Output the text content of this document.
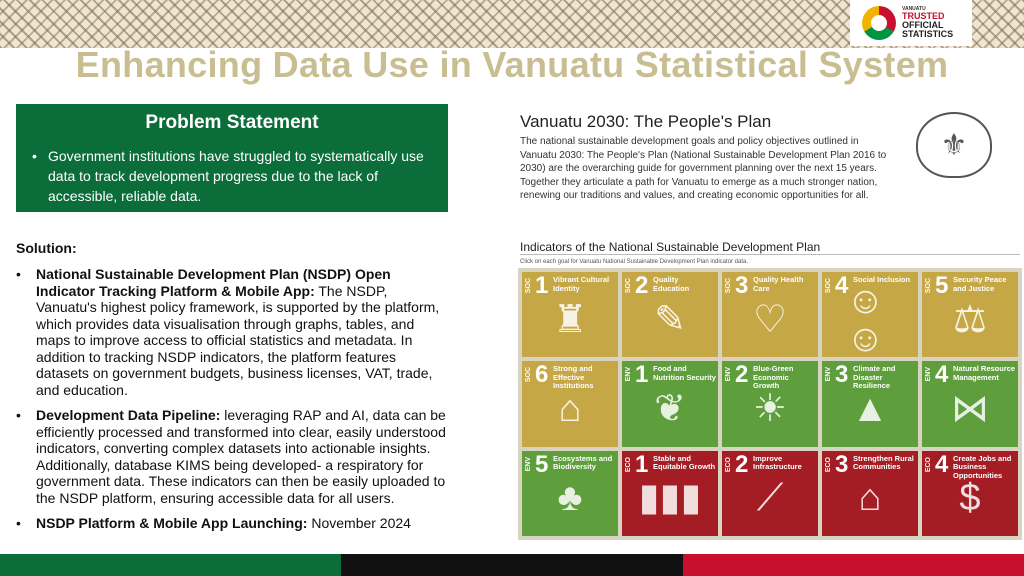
VANUATU
TRUSTED
OFFICIAL
STATISTICS
Enhancing Data Use in Vanuatu Statistical System
Problem Statement
• Government institutions have struggled to systematically use data to track development progress due to the lack of accessible, reliable data.
Solution:
•	National Sustainable Development Plan (NSDP) Open Indicator Tracking Platform & Mobile App: The NSDP, Vanuatu's highest policy framework, is supported by the platform, which provides data visualisation through graphs, tables, and maps to improve access to official statistics and metadata. In addition to tracking NSDP indicators, the platform features datasets on government budgets, business licenses, VAT, trade, and education.
•	Development Data Pipeline: leveraging RAP and AI, data can be efficiently processed and transformed into clear, easily understood indicators, converting complex datasets into actionable insights. Additionally, database KIMS being developed- a respiratory for government data. These indicators can then be easily uploaded to the NSDP platform, ensuring accessible data for all users.
•	NSDP Platform & Mobile App Launching: November 2024
Vanuatu 2030: The People's Plan
The national sustainable development goals and policy objectives outlined in Vanuatu 2030: The People's Plan (National Sustainable Development Plan 2016 to 2030) are the overarching guide for government planning over the next 15 years. Together they articulate a path for Vanuatu to emerge as a much stronger nation, renewing our traditions and values, and creating economic opportunities for all.
⚜
Indicators of the National Sustainable Development Plan
Click on each goal for Vanuatu National Sustainable Development Plan indicator data.
SOC 1 Vibrant Cultural Identity
♜
SOC 2 Quality Education
✎
SOC 3 Quality Health Care
♡
SOC 4 Social Inclusion
☺☺
SOC 5 Security Peace and Justice
⚖
SOC 6 Strong and Effective Institutions
⌂
ENV 1 Food and Nutrition Security
❦
ENV 2 Blue-Green Economic Growth
☀
ENV 3 Climate and Disaster Resilience
▲
ENV 4 Natural Resource Management
⋈
ENV 5 Ecosystems and Biodiversity
♣
ECO 1 Stable and Equitable Growth
▮▮▮
ECO 2 Improve Infrastructure
⟋
ECO 3 Strengthen Rural Communities
⌂
ECO 4 Create Jobs and Business Opportunities
$
